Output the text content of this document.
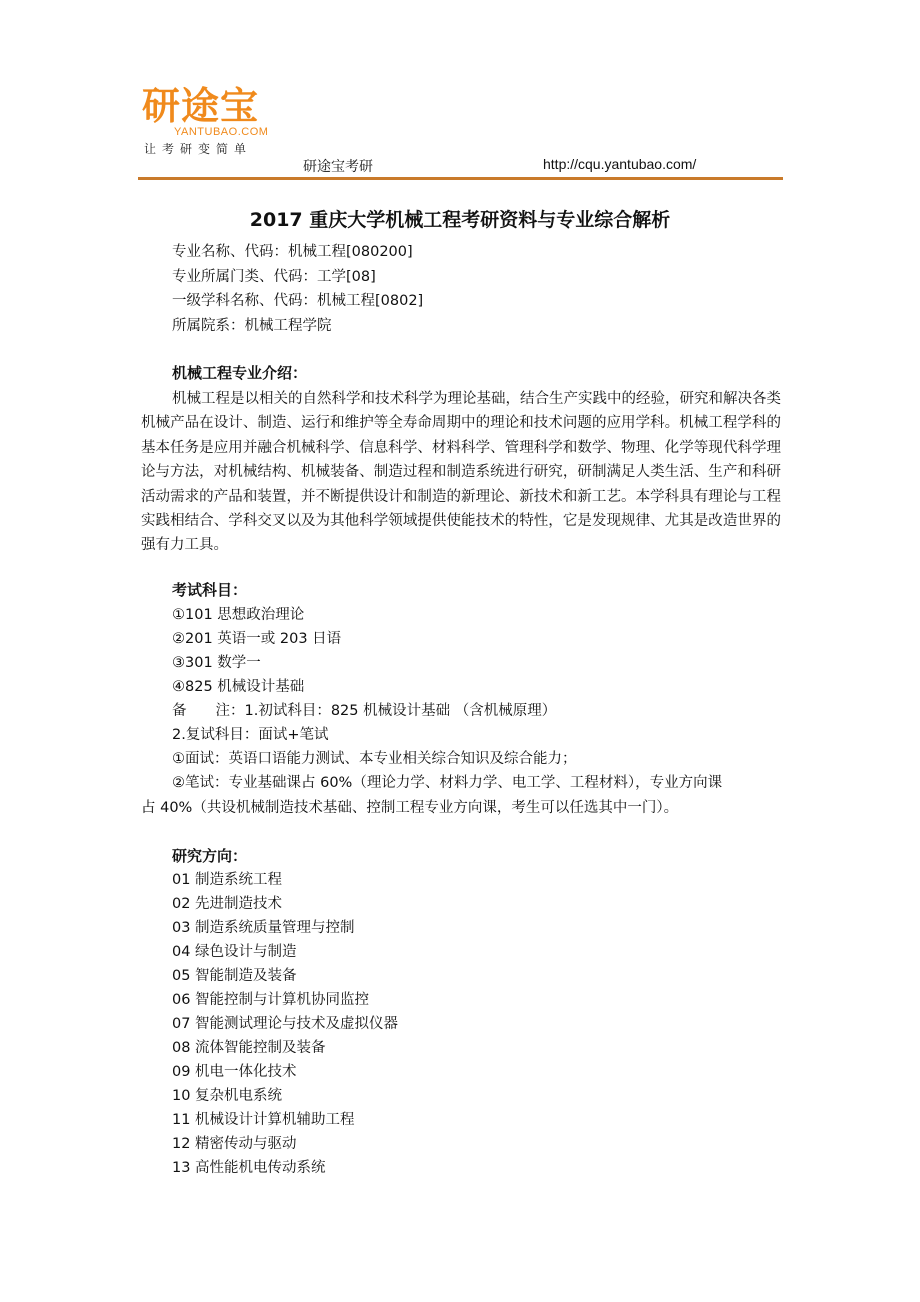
研途宝
YANTUBAO.COM
让考研变简单
研途宝考研	http://cqu.yantubao.com/
2017 重庆大学机械工程考研资料与专业综合解析
专业名称、代码：机械工程[080200]
专业所属门类、代码：工学[08]
一级学科名称、代码：机械工程[0802]
所属院系：机械工程学院
机械工程专业介绍：
机械工程是以相关的自然科学和技术科学为理论基础，结合生产实践中的经验，研究和解决各类机械产品在设计、制造、运行和维护等全寿命周期中的理论和技术问题的应用学科。机械工程学科的基本任务是应用并融合机械科学、信息科学、材料科学、管理科学和数学、物理、化学等现代科学理论与方法，对机械结构、机械装备、制造过程和制造系统进行研究，研制满足人类生活、生产和科研活动需求的产品和装置，并不断提供设计和制造的新理论、新技术和新工艺。本学科具有理论与工程实践相结合、学科交叉以及为其他科学领域提供使能技术的特性，它是发现规律、尤其是改造世界的强有力工具。
考试科目：
①101 思想政治理论
②201 英语一或 203 日语
③301 数学一
④825 机械设计基础
备　　注：1.初试科目：825 机械设计基础 （含机械原理）
2.复试科目：面试+笔试
①面试：英语口语能力测试、本专业相关综合知识及综合能力；
②笔试：专业基础课占 60%（理论力学、材料力学、电工学、工程材料），专业方向课
占 40%（共设机械制造技术基础、控制工程专业方向课，考生可以任选其中一门）。
研究方向：
01 制造系统工程
02 先进制造技术
03 制造系统质量管理与控制
04 绿色设计与制造
05 智能制造及装备
06 智能控制与计算机协同监控
07 智能测试理论与技术及虚拟仪器
08 流体智能控制及装备
09 机电一体化技术
10 复杂机电系统
11 机械设计计算机辅助工程
12 精密传动与驱动
13 高性能机电传动系统
